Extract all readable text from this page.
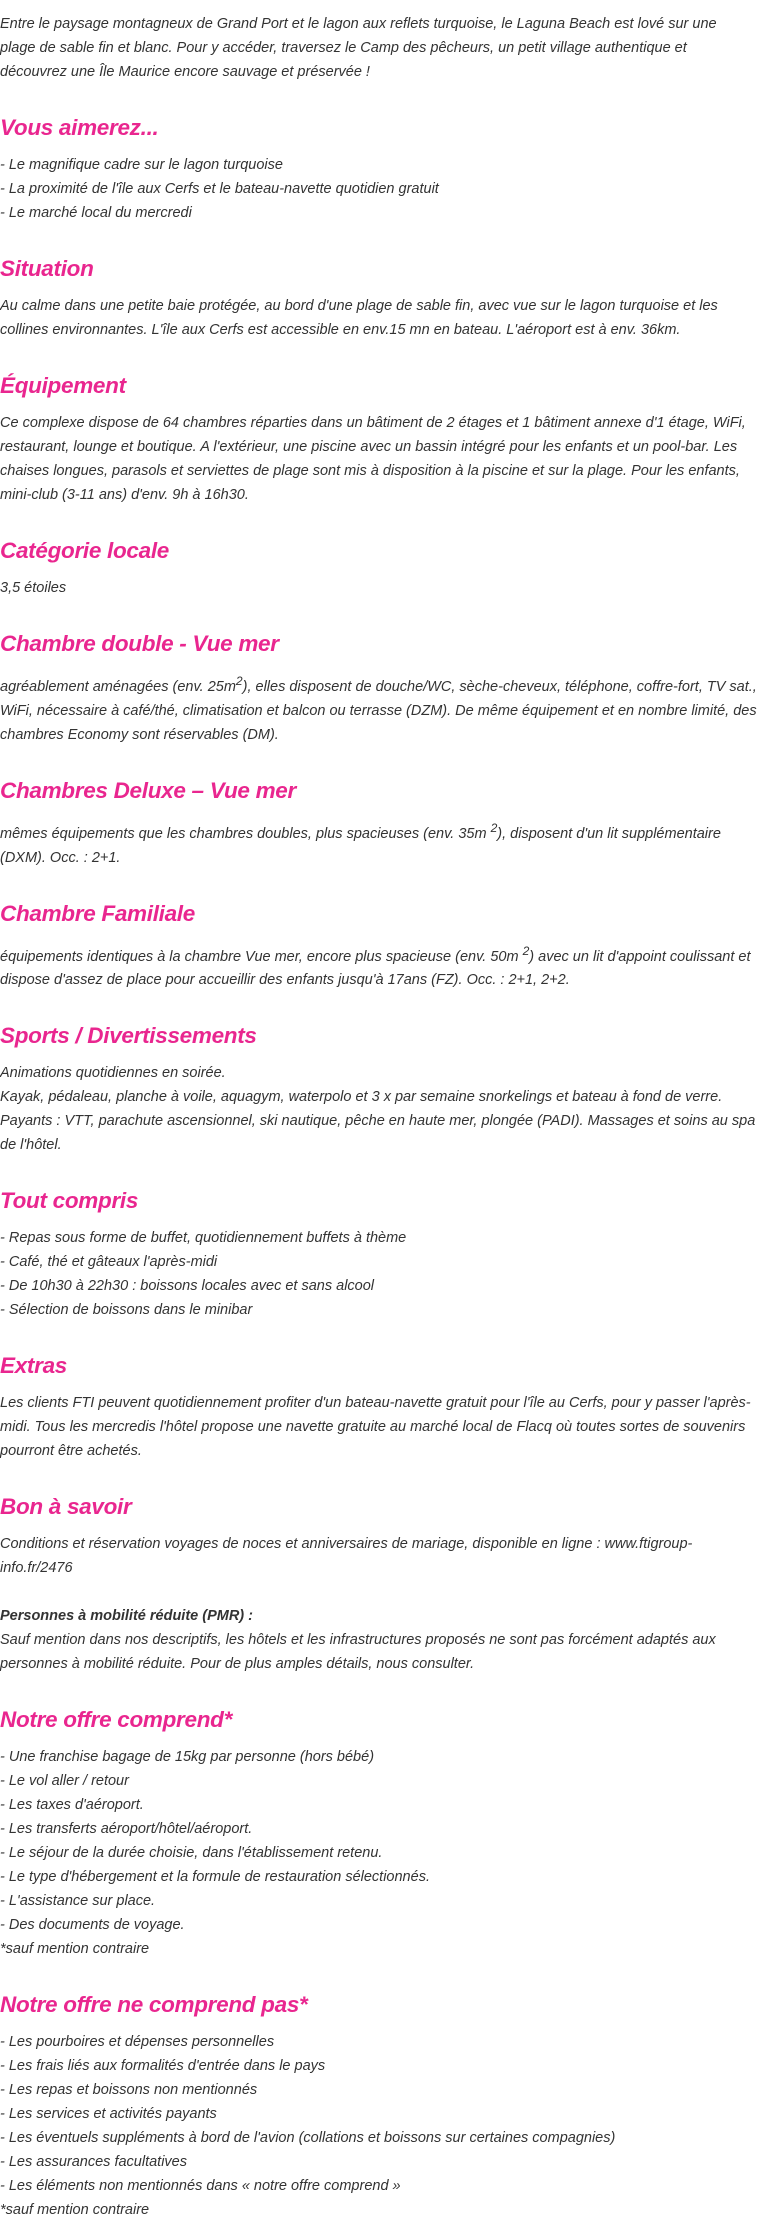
Entre le paysage montagneux de Grand Port et le lagon aux reflets turquoise, le Laguna Beach est lové sur une plage de sable fin et blanc. Pour y accéder, traversez le Camp des pêcheurs, un petit village authentique et découvrez une Île Maurice encore sauvage et préservée !

Vous aimerez...
- Le magnifique cadre sur le lagon turquoise
- La proximité de l'île aux Cerfs et le bateau-navette quotidien gratuit
- Le marché local du mercredi
Situation

Au calme dans une petite baie protégée, au bord d'une plage de sable fin, avec vue sur le lagon turquoise et les collines environnantes. L'île aux Cerfs est accessible en env.15 mn en bateau. L'aéroport est à env. 36km.

Équipement

Ce complexe dispose de 64 chambres réparties dans un bâtiment de 2 étages et 1 bâtiment annexe d'1 étage, WiFi, restaurant, lounge et boutique. A l'extérieur, une piscine avec un bassin intégré pour les enfants et un pool-bar. Les chaises longues, parasols et serviettes de plage sont mis à disposition à la piscine et sur la plage. Pour les enfants, mini-club (3-11 ans) d'env. 9h à 16h30.

Catégorie locale

3,5 étoiles

Chambre double - Vue mer

agréablement aménagées (env. $25m^2$), elles disposent de douche/WC, sèche-cheveux, téléphone, coffre-fort, TV sat., WiFi, nécessaire à café/thé, climatisation et balcon ou terrasse (DZM). De même équipement et en nombre limité, des chambres Economy sont réservables (DM).

Chambres Deluxe – Vue mer

mêmes équipements que les chambres doubles, plus spacieuses (env. 35m $^2$), disposent d'un lit supplémentaire (DXM). Occ. : 2+1.

Chambre Familiale

équipements identiques à la chambre Vue mer, encore plus spacieuse (env. 50m $^2$) avec un lit d'appoint coulissant et dispose d'assez de place pour accueillir des enfants jusqu'à 17ans (FZ). Occ. : 2+1, 2+2.

Sports / Divertissements

Animations quotidiennes en soirée.

Kayak, pédaleau, planche à voile, aquagym, waterpolo et 3 x par semaine snorkelings et bateau à fond de verre.

Payants : VTT, parachute ascensionnel, ski nautique, pêche en haute mer, plongée (PADI). Massages et soins au spa de l'hôtel.

Tout compris
- Repas sous forme de buffet, quotidiennement buffets à thème
- Café, thé et gâteaux l'après-midi
- De 10h30 à 22h30 : boissons locales avec et sans alcool
- Sélection de boissons dans le minibar
Extras

Les clients FTI peuvent quotidiennement profiter d'un bateau-navette gratuit pour l'île au Cerfs, pour y passer l'après-midi. Tous les mercredis l'hôtel propose une navette gratuite au marché local de Flacq où toutes sortes de souvenirs pourront être achetés.

Bon à savoir

Conditions et réservation voyages de noces et anniversaires de mariage, disponible en ligne : www.ftigroup-info.fr/2476

Personnes à mobilité réduite (PMR) :

Sauf mention dans nos descriptifs, les hôtels et les infrastructures proposés ne sont pas forcément adaptés aux personnes à mobilité réduite. Pour de plus amples détails, nous consulter.

Notre offre comprend*
- Une franchise bagage de 15kg par personne (hors bébé)
- Le vol aller / retour
- Les taxes d'aéroport.
- Les transferts aéroport/hôtel/aéroport.
- Le séjour de la durée choisie, dans l'établissement retenu.
- Le type d'hébergement et la formule de restauration sélectionnés.
- L'assistance sur place.
- Des documents de voyage.

*sauf mention contraire

Notre offre ne comprend pas*
- Les pourboires et dépenses personnelles
- Les frais liés aux formalités d'entrée dans le pays
- Les repas et boissons non mentionnés
- Les services et activités payants
- Les éventuels suppléments à bord de l'avion (collations et boissons sur certaines compagnies)
- Les assurances facultatives
- Les éléments non mentionnés dans « notre offre comprend »

*sauf mention contraire
